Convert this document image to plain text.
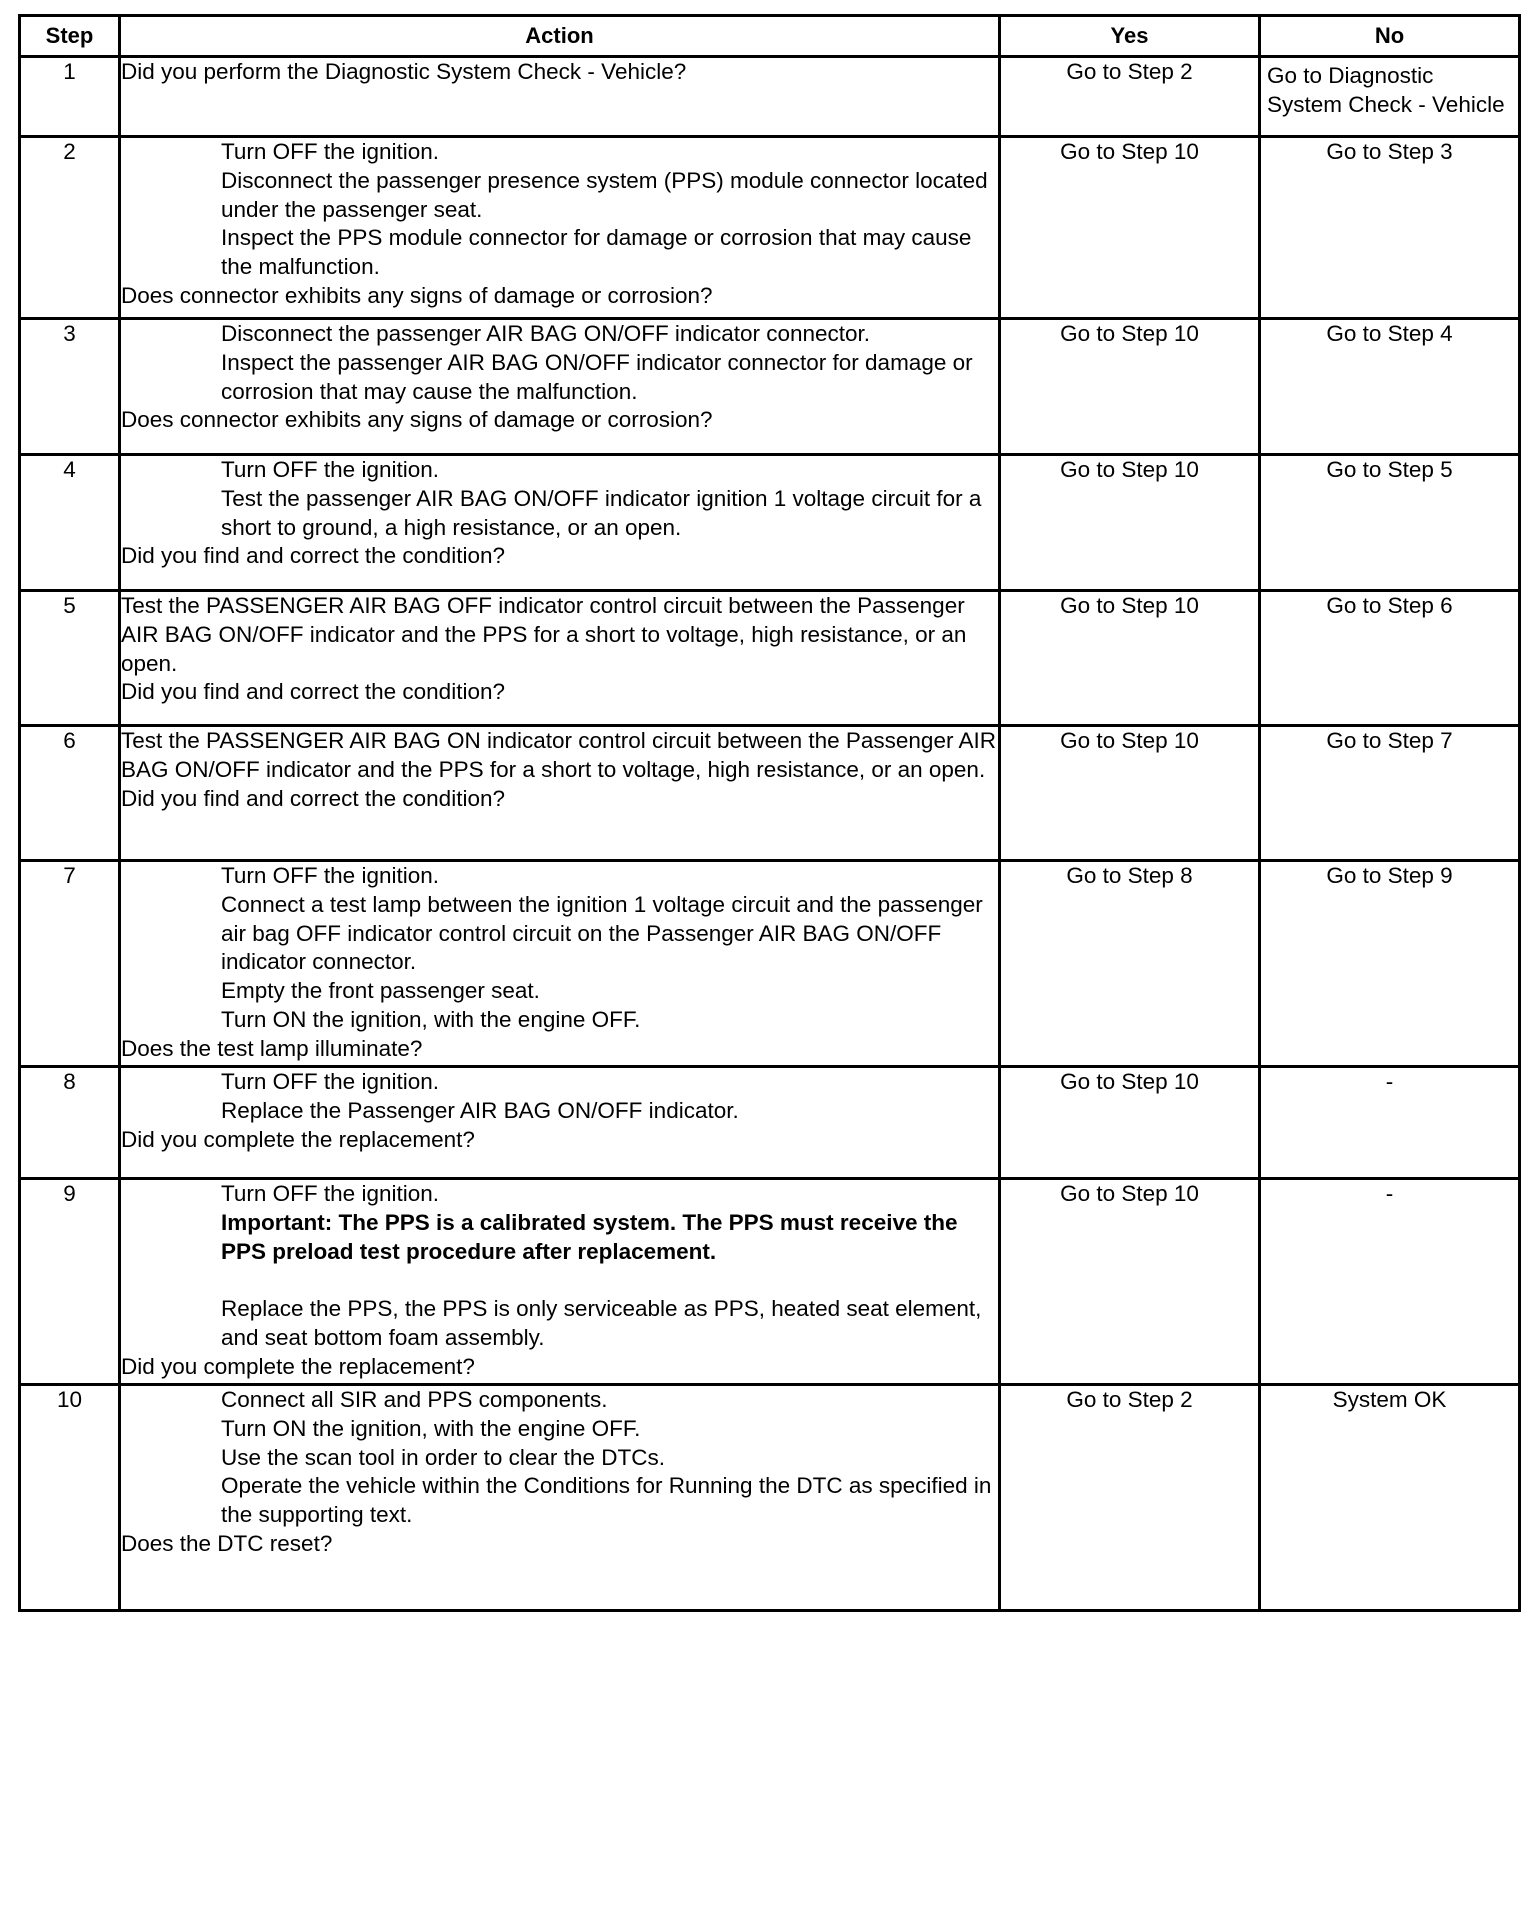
Step	Action	Yes	No
1	Did you perform the Diagnostic System Check - Vehicle?	Go to Step 2	Go to Diagnostic System Check - Vehicle
2	Turn OFF the ignition.
Disconnect the passenger presence system (PPS) module connector located under the passenger seat.
Inspect the PPS module connector for damage or corrosion that may cause the malfunction.
Does connector exhibits any signs of damage or corrosion?	Go to Step 10	Go to Step 3
3	Disconnect the passenger AIR BAG ON/OFF indicator connector.
Inspect the passenger AIR BAG ON/OFF indicator connector for damage or corrosion that may cause the malfunction.
Does connector exhibits any signs of damage or corrosion?	Go to Step 10	Go to Step 4
4	Turn OFF the ignition.
Test the passenger AIR BAG ON/OFF indicator ignition 1 voltage circuit for a short to ground, a high resistance, or an open.
Did you find and correct the condition?	Go to Step 10	Go to Step 5
5	Test the PASSENGER AIR BAG OFF indicator control circuit between the Passenger AIR BAG ON/OFF indicator and the PPS for a short to voltage, high resistance, or an open.
Did you find and correct the condition?	Go to Step 10	Go to Step 6
6	Test the PASSENGER AIR BAG ON indicator control circuit between the Passenger AIR BAG ON/OFF indicator and the PPS for a short to voltage, high resistance, or an open.
Did you find and correct the condition?	Go to Step 10	Go to Step 7
7	Turn OFF the ignition.
Connect a test lamp between the ignition 1 voltage circuit and the passenger air bag OFF indicator control circuit on the Passenger AIR BAG ON/OFF indicator connector.
Empty the front passenger seat.
Turn ON the ignition, with the engine OFF.
Does the test lamp illuminate?	Go to Step 8	Go to Step 9
8	Turn OFF the ignition.
Replace the Passenger AIR BAG ON/OFF indicator.
Did you complete the replacement?	Go to Step 10	-
9	Turn OFF the ignition.
Important: The PPS is a calibrated system. The PPS must receive the PPS preload test procedure after replacement.
Replace the PPS, the PPS is only serviceable as PPS, heated seat element, and seat bottom foam assembly.
Did you complete the replacement?	Go to Step 10	-
10	Connect all SIR and PPS components.
Turn ON the ignition, with the engine OFF.
Use the scan tool in order to clear the DTCs.
Operate the vehicle within the Conditions for Running the DTC as specified in the supporting text.
Does the DTC reset?	Go to Step 2	System OK
